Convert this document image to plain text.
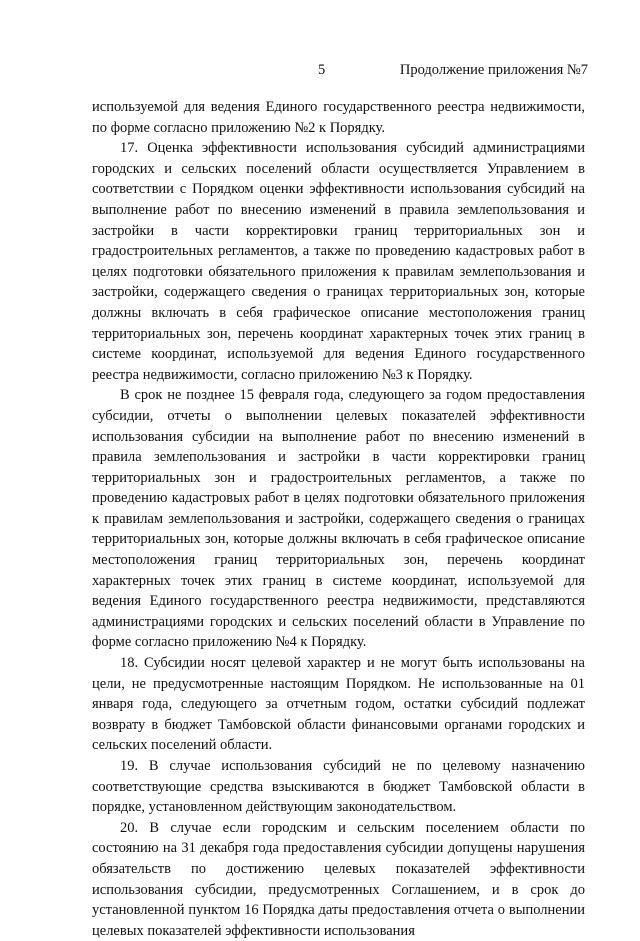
5	Продолжение приложения №7

используемой для ведения Единого государственного реестра недвижимости, по форме согласно приложению №2 к Порядку.

17. Оценка эффективности использования субсидий администрациями городских и сельских поселений области осуществляется Управлением в соответствии с Порядком оценки эффективности использования субсидий на выполнение работ по внесению изменений в правила землепользования и застройки в части корректировки границ территориальных зон и градостроительных регламентов, а также по проведению кадастровых работ в целях подготовки обязательного приложения к правилам землепользования и застройки, содержащего сведения о границах территориальных зон, которые должны включать в себя графическое описание местоположения границ территориальных зон, перечень координат характерных точек этих границ в системе координат, используемой для ведения Единого государственного реестра недвижимости, согласно приложению №3 к Порядку.

В срок не позднее 15 февраля года, следующего за годом предоставления субсидии, отчеты о выполнении целевых показателей эффективности использования субсидии на выполнение работ по внесению изменений в правила землепользования и застройки в части корректировки границ территориальных зон и градостроительных регламентов, а также по проведению кадастровых работ в целях подготовки обязательного приложения к правилам землепользования и застройки, содержащего сведения о границах территориальных зон, которые должны включать в себя графическое описание местоположения границ территориальных зон, перечень координат характерных точек этих границ в системе координат, используемой для ведения Единого государственного реестра недвижимости, представляются администрациями городских и сельских поселений области в Управление по форме согласно приложению №4 к Порядку.

18. Субсидии носят целевой характер и не могут быть использованы на цели, не предусмотренные настоящим Порядком. Не использованные на 01 января года, следующего за отчетным годом, остатки субсидий подлежат возврату в бюджет Тамбовской области финансовыми органами городских и сельских поселений области.

19. В случае использования субсидий не по целевому назначению соответствующие средства взыскиваются в бюджет Тамбовской области в порядке, установленном действующим законодательством.

20. В случае если городским и сельским поселением области по состоянию на 31 декабря года предоставления субсидии допущены нарушения обязательств по достижению целевых показателей эффективности использования субсидии, предусмотренных Соглашением, и в срок до установленной пунктом 16 Порядка даты предоставления отчета о выполнении целевых показателей эффективности использования
